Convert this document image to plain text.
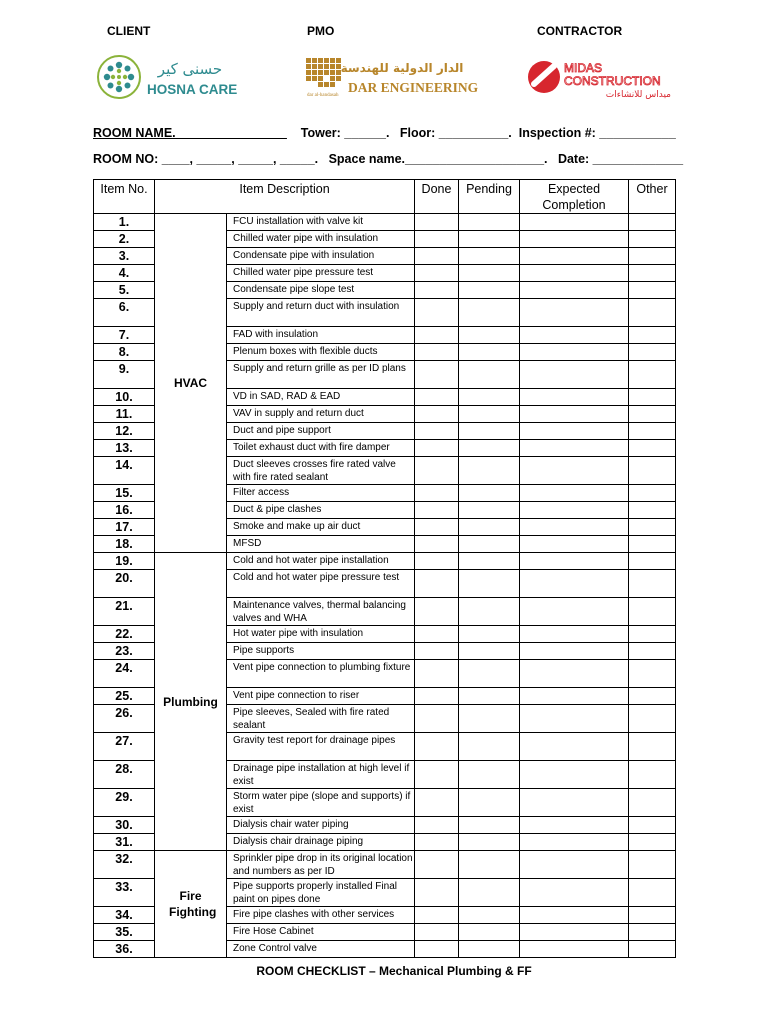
CLIENT	PMO	CONTRACTOR
حسنى كير
HOSNA CARE	dar al-handasah
الدار الدولية للهندسة
DAR ENGINEERING
MIDAS
CONSTRUCTION
ميداس للانشاءات
ROOM NAME.________________ Tower: ______. Floor: __________. Inspection #: ___________
ROOM NO: ____, _____, _____, _____. Space name.____________________. Date: _____________
Item No.	Item Description		Done	Pending	Expected Completion	Other
1.	HVAC	FCU installation with valve kit				
2.		Chilled water pipe with insulation				
3.		Condensate pipe with insulation				
4.		Chilled water pipe pressure test				
5.		Condensate pipe slope test				
6.		Supply and return duct with insulation				
7.		FAD with insulation				
8.		Plenum boxes with flexible ducts				
9.		Supply and return grille as per ID plans				
10.		VD in SAD, RAD & EAD				
11.		VAV in supply and return duct				
12.		Duct and pipe support				
13.		Toilet exhaust duct with fire damper				
14.		Duct sleeves crosses fire rated valve with fire rated sealant				
15.		Filter access				
16.		Duct & pipe clashes				
17.		Smoke and make up air duct				
18.		MFSD				
19.	Plumbing	Cold and hot water pipe installation				
20.		Cold and hot water pipe pressure test				
21.		Maintenance valves, thermal balancing valves and WHA				
22.		Hot water pipe with insulation				
23.		Pipe supports				
24.		Vent pipe connection to plumbing fixture				
25.		Vent pipe connection to riser				
26.		Pipe sleeves, Sealed with fire rated sealant				
27.		Gravity test report for drainage pipes				
28.		Drainage pipe installation at high level if exist				
29.		Storm water pipe (slope and supports) if exist				
30.		Dialysis chair water piping				
31.		Dialysis chair drainage piping				
32.	Fire Fighting	Sprinkler pipe drop in its original location and numbers as per ID				
33.		Pipe supports properly installed Final paint on pipes done				
34.		Fire pipe clashes with other services				
35.		Fire Hose Cabinet				
36.		Zone Control valve				
ROOM CHECKLIST – Mechanical Plumbing & FF
